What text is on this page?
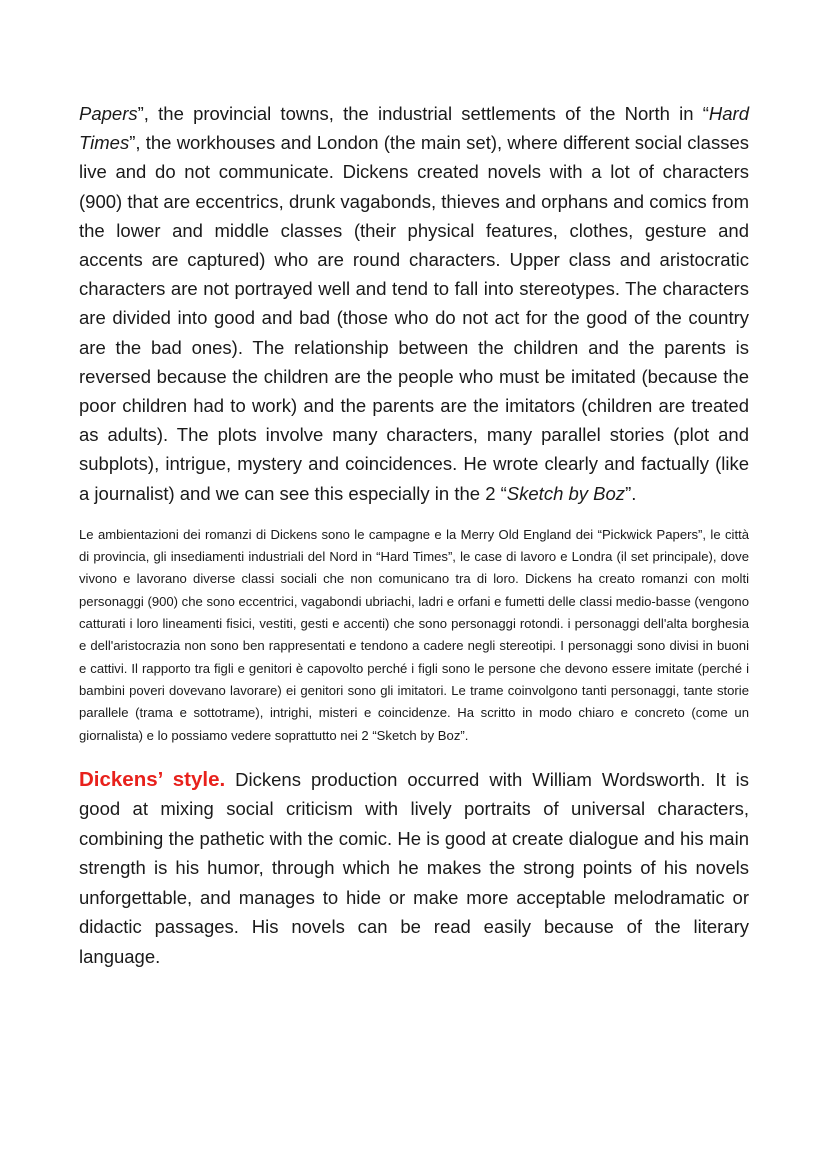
Papers”, the provincial towns, the industrial settlements of the North in “Hard Times”, the workhouses and London (the main set), where different social classes live and do not communicate. Dickens created novels with a lot of characters (900) that are eccentrics, drunk vagabonds, thieves and orphans and comics from the lower and middle classes (their physical features, clothes, gesture and accents are captured) who are round characters. Upper class and aristocratic characters are not portrayed well and tend to fall into stereotypes. The characters are divided into good and bad (those who do not act for the good of the country are the bad ones). The relationship between the children and the parents is reversed because the children are the people who must be imitated (because the poor children had to work) and the parents are the imitators (children are treated as adults). The plots involve many characters, many parallel stories (plot and subplots), intrigue, mystery and coincidences. He wrote clearly and factually (like a journalist) and we can see this especially in the 2 “Sketch by Boz”.

Le ambientazioni dei romanzi di Dickens sono le campagne e la Merry Old England dei “Pickwick Papers”, le città di provincia, gli insediamenti industriali del Nord in “Hard Times”, le case di lavoro e Londra (il set principale), dove vivono e lavorano diverse classi sociali che non comunicano tra di loro. Dickens ha creato romanzi con molti personaggi (900) che sono eccentrici, vagabondi ubriachi, ladri e orfani e fumetti delle classi medio-basse (vengono catturati i loro lineamenti fisici, vestiti, gesti e accenti) che sono personaggi rotondi. i personaggi dell'alta borghesia e dell'aristocrazia non sono ben rappresentati e tendono a cadere negli stereotipi. I personaggi sono divisi in buoni e cattivi. Il rapporto tra figli e genitori è capovolto perché i figli sono le persone che devono essere imitate (perché i bambini poveri dovevano lavorare) ei genitori sono gli imitatori. Le trame coinvolgono tanti personaggi, tante storie parallele (trama e sottotrame), intrighi, misteri e coincidenze. Ha scritto in modo chiaro e concreto (come un giornalista) e lo possiamo vedere soprattutto nei 2 “Sketch by Boz”.

Dickens’ style. Dickens production occurred with William Wordsworth. It is good at mixing social criticism with lively portraits of universal characters, combining the pathetic with the comic. He is good at create dialogue and his main strength is his humor, through which he makes the strong points of his novels unforgettable, and manages to hide or make more acceptable melodramatic or didactic passages. His novels can be read easily because of the literary language.
